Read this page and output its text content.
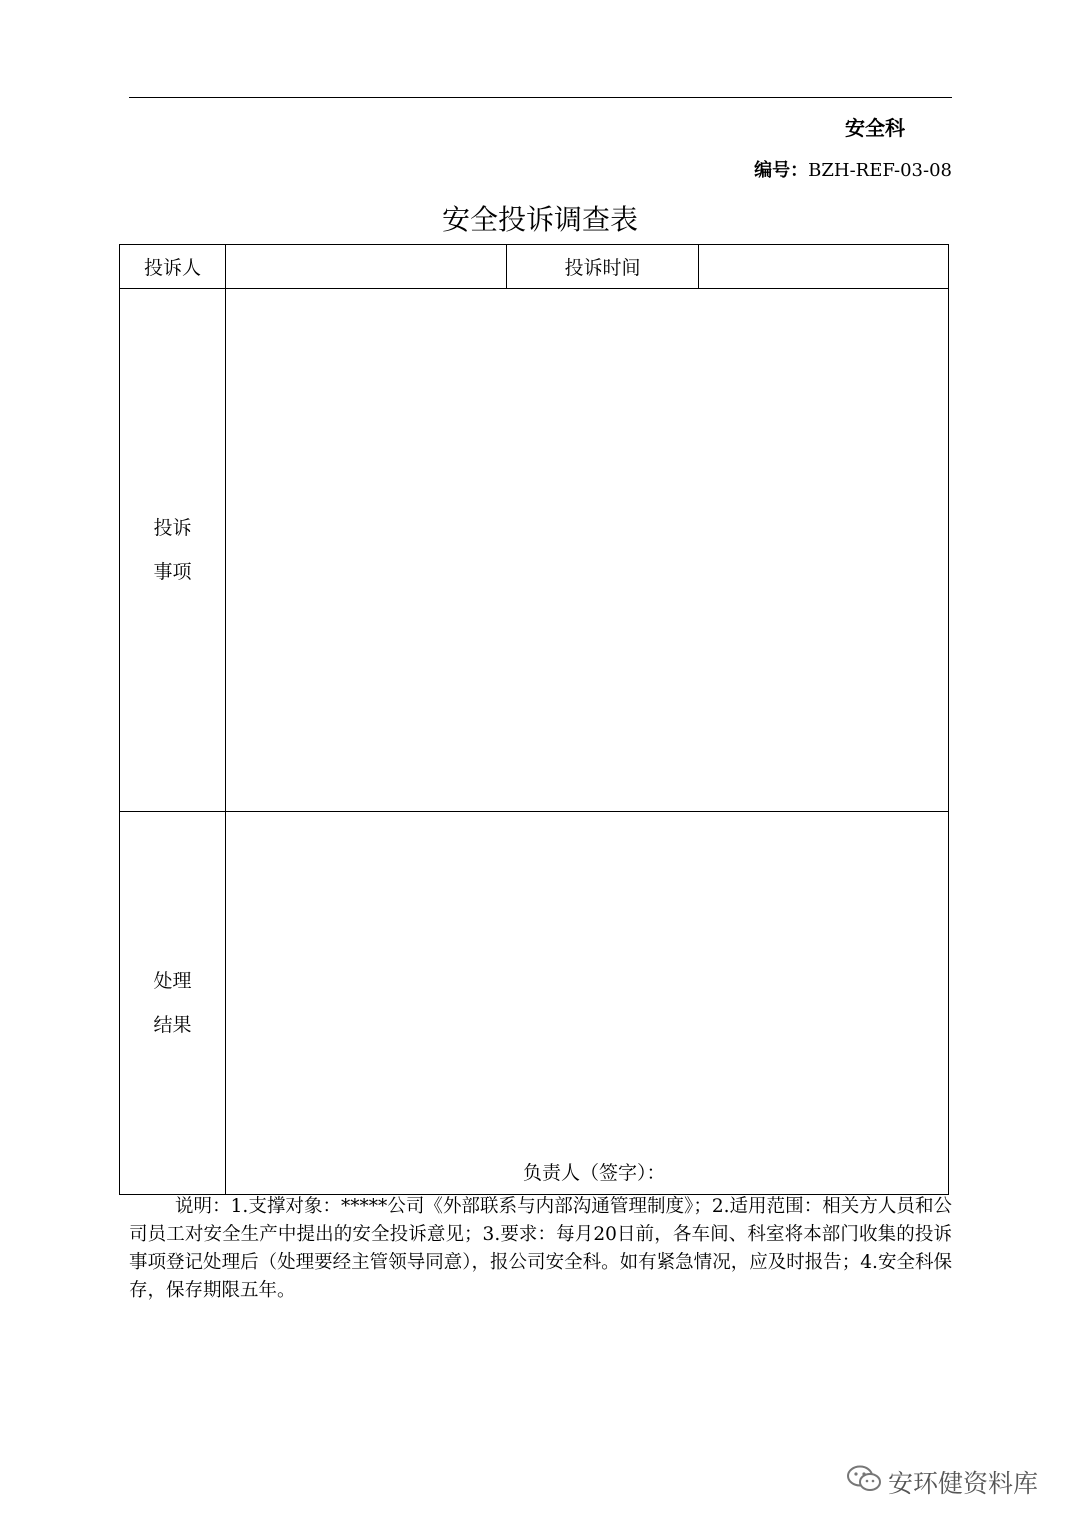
安全科
编号：BZH-REF-03-08
安全投诉调查表
投诉人		投诉时间	

投诉
事项			

处理
结果			

负责人（签字）：
说明：1.支撑对象：*****公司《外部联系与内部沟通管理制度》；2.适用范围：相关方人员和公司员工对安全生产中提出的安全投诉意见；3.要求：每月20日前，各车间、科室将本部门收集的投诉事项登记处理后（处理要经主管领导同意），报公司安全科。如有紧急情况，应及时报告；4.安全科保存，保存期限五年。
安环健资料库
